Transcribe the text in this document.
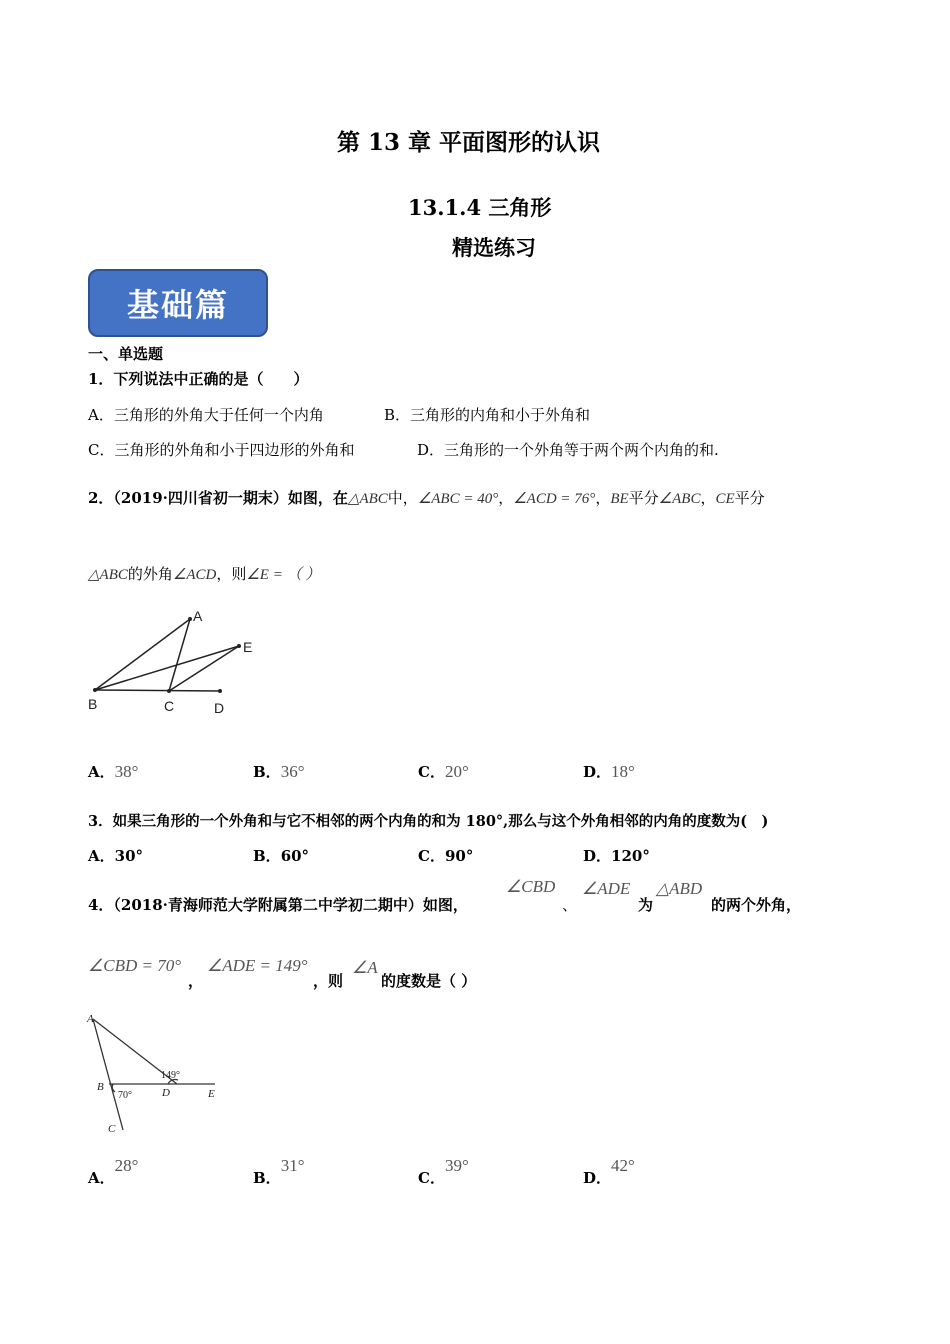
第 13 章 平面图形的认识
13.1.4 三角形
精选练习
基础篇
一、单选题
1．下列说法中正确的是（　　）
A．三角形的外角大于任何一个内角	B．三角形的内角和小于外角和
C．三角形的外角和小于四边形的外角和	D．三角形的一个外角等于两个两个内角的和.
2．（2019·四川省初一期末）如图，在△ABC中，∠ABC = 40°，∠ACD = 76°，BE平分∠ABC，CE平分
△ABC的外角∠ACD，则∠E = （ ）
A
E
B	C	D
A．38°	B．36°	C．20°	D．18°
3．如果三角形的一个外角和与它不相邻的两个内角的和为 180°,那么与这个外角相邻的内角的度数为(　)
A．30°	B．60°	C．90°	D．120°
4．（2018·青海师范大学附属第二中学初二期中）如图，
∠CBD
、
∠ADE
为
△ABD
的两个外角，
∠CBD = 70°
，
∠ADE = 149°
，则
∠A
的度数是（ ）
A
B	D	E
C
149°
70°
A．28°
B．31°
C．39°
D．42°
